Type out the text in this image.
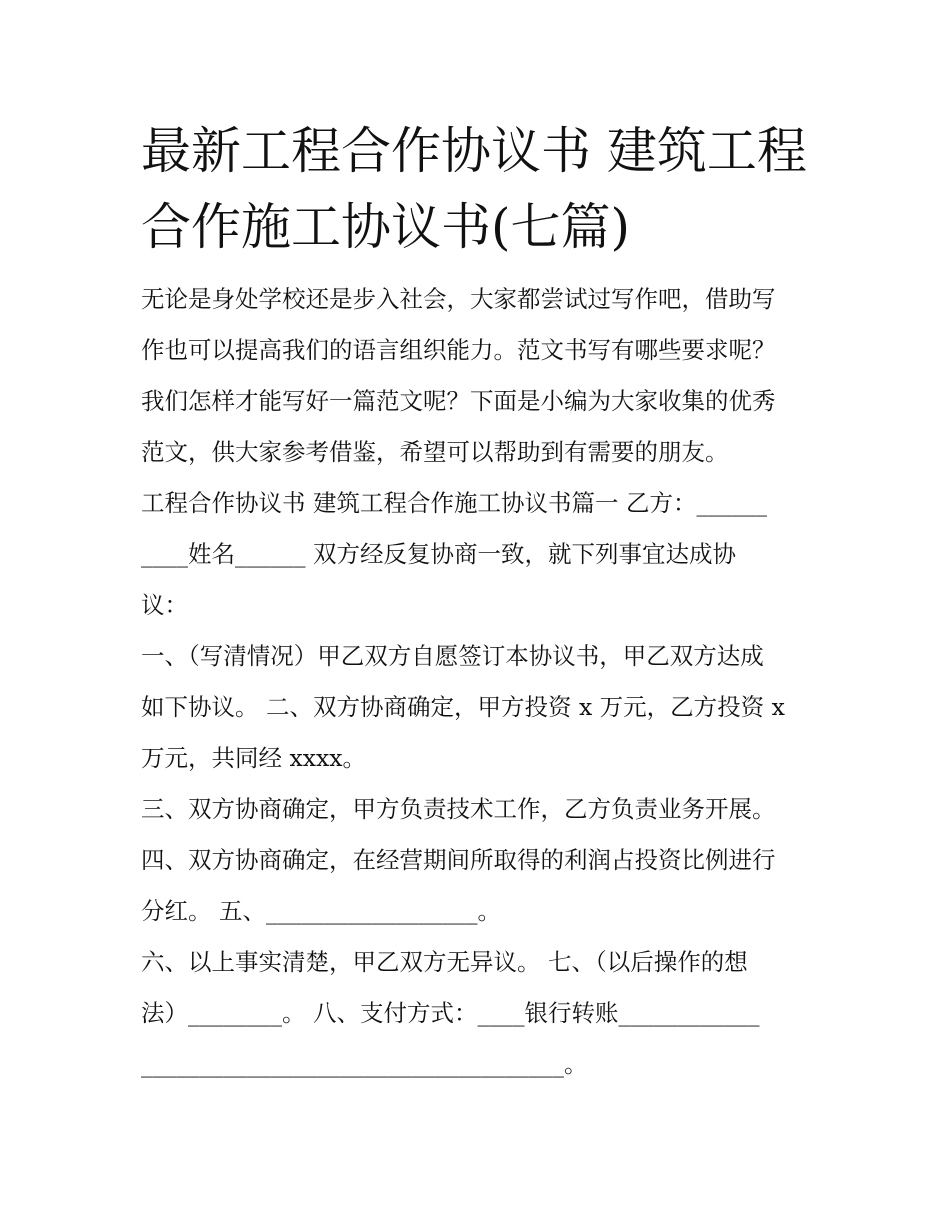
最新工程合作协议书 建筑工程
合作施工协议书(七篇)
无论是身处学校还是步入社会，大家都尝试过写作吧，借助写
作也可以提高我们的语言组织能力。范文书写有哪些要求呢？
我们怎样才能写好一篇范文呢？下面是小编为大家收集的优秀
范文，供大家参考借鉴，希望可以帮助到有需要的朋友。
工程合作协议书 建筑工程合作施工协议书篇一 乙方：______
____姓名______ 双方经反复协商一致，就下列事宜达成协
议：
一、（写清情况）甲乙双方自愿签订本协议书，甲乙双方达成
如下协议。 二、双方协商确定，甲方投资 x 万元，乙方投资 x
万元，共同经 xxxx。
三、双方协商确定，甲方负责技术工作，乙方负责业务开展。
四、双方协商确定，在经营期间所取得的利润占投资比例进行
分红。 五、__________________。
六、以上事实清楚，甲乙双方无异议。 七、（以后操作的想
法）________。 八、支付方式：____银行转账____________
____________________________________。
